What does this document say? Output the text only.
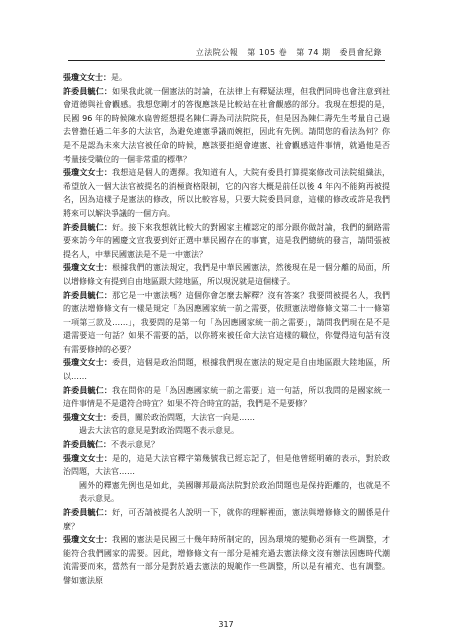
立法院公報 第 105 卷 第 74 期 委員會紀錄

張瓊文女士：是。

許委員毓仁：如果我此就一個憲法的討論，在法律上有釋疑法理，但我們同時也會注意到社會道德與社會觀感。我想您剛才的答復應該是比較站在社會觀感的部分。我現在想提的是，民國 96 年的時候陳水扁曾經想提名陳仁壽為司法院院長，但是因為陳仁壽先生考量自己過去曾擔任過二年多的大法官，為避免違憲爭議而婉拒，因此有先例。請問您的看法為何？你是不是認為未來大法官被任命的時候，應該要拒絕會違憲、社會觀感這件事情，就過他是否考量接受職位的一個非常重的標準？

張瓊文女士：我想這是個人的選擇。我知道有人，大院有委員打算提案修改司法院組織法，希望放入一個大法官被提名的消極資格限制，它的內容大概是前任以後 4 年內不能夠再被提名，因為這樣子是憲法的修改，所以比較容易，只要大院委員同意，這樣的修改或許是我們將來可以解決爭議的一個方向。

許委員毓仁：好。接下來我想就比較大的對國家主權認定的部分跟你做討論，我們的網路需要來訪今年的國慶文宣我要到好正選中華民國存在的事實，這是我們總統的發言，請問張被提名人，中華民國憲法是不是一中憲法？

張瓊文女士：根據我們的憲法規定，我們是中華民國憲法，然後現在是一個分離的局面，所以增修條文有提到自由地區跟大陸地區，所以現況就是這個樣子。

許委員毓仁：那它是一中憲法嗎？這個你會怎麼去解釋？沒有答案？我要問被提名人，我們的憲法增修條文有一樣是規定「為因應國家統一前之需要，依照憲法增修條文第二十一條第一項第三款及……」，我要問的是第一句「為因應國家統一前之需要」，請問我們現在是不是還需要這一句話？如果不需要的話，以你將來被任命大法官這樣的職位，你覺得這句話有沒有需要修掉的必要？

張瓊文女士：委員，這個是政治問題，根據我們現在憲法的規定是自由地區跟大陸地區，所以……

許委員毓仁：我在問你的是「為因應國家統一前之需要」這一句話，所以我問的是國家統一這件事情是不是還符合時宜？如果不符合時宜的話，我們是不是要修？

張瓊文女士：委員，關於政治問題，大法官一向是……

過去大法官的意見是對政治問題不表示意見。

許委員毓仁：不表示意見？

張瓊文女士：是的，這是大法官釋字第幾號我已經忘記了，但是他曾經明確的表示，對於政治問題，大法官……

國外的釋憲先例也是如此，美國聯邦最高法院對於政治問題也是保持距離的，也就是不表示意見。

許委員毓仁：好，可否請被提名人說明一下，就你的理解裡面，憲法與增修條文的關係是什麼？

張瓊文女士：我國的憲法是民國三十幾年時所制定的，因為環境的變動必須有一些調整，才能符合我們國家的需要。因此，增修條文有一部分是補充過去憲法條文沒有辦法因應時代潮流需要而來，當然有一部分是對於過去憲法的規範作一些調整，所以是有補充、也有調整。譬如憲法原

317
